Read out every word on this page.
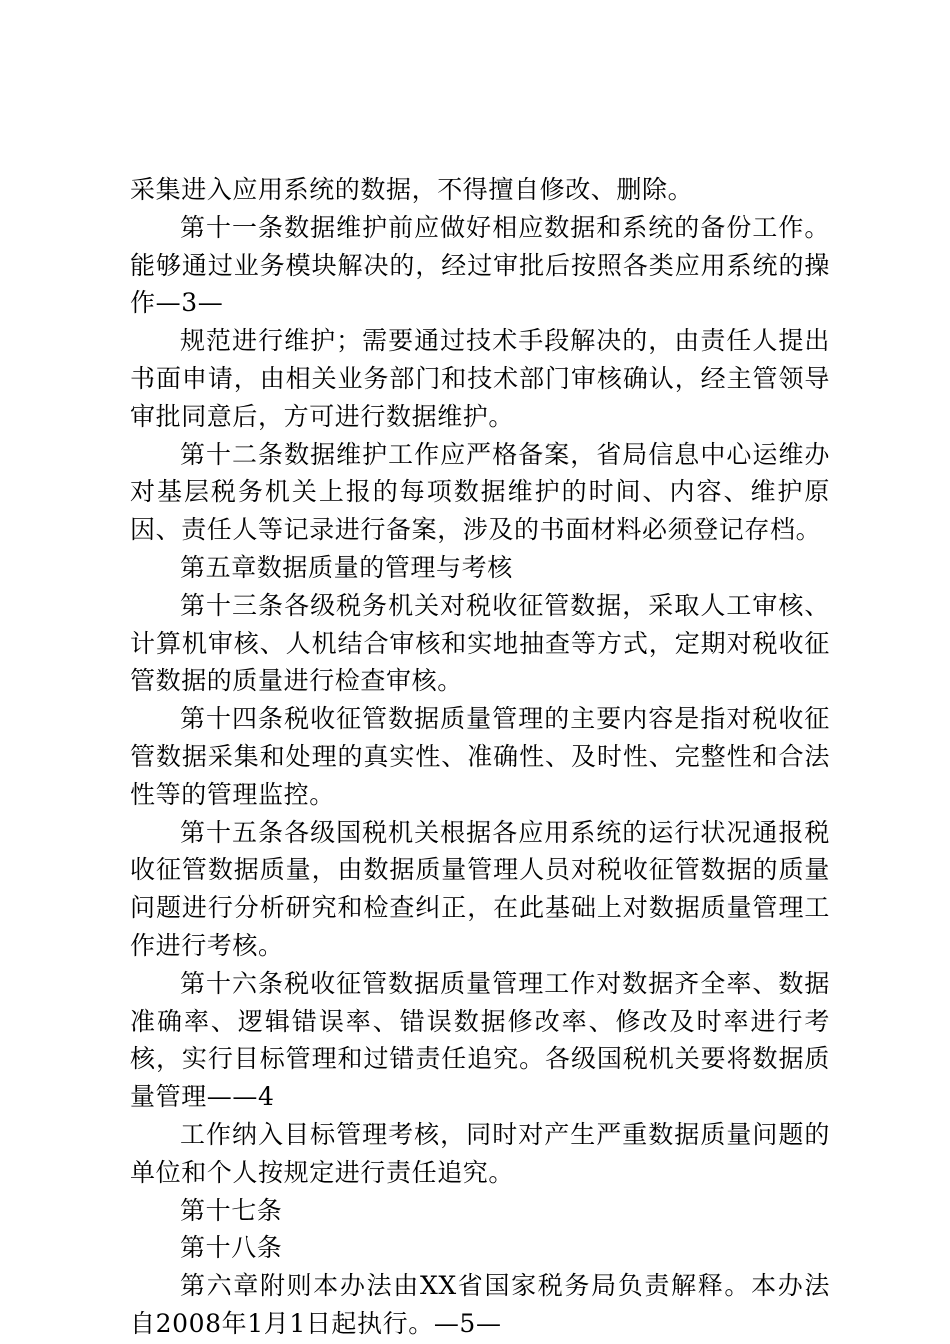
采集进入应用系统的数据，不得擅自修改、删除。

第十一条数据维护前应做好相应数据和系统的备份工作。能够通过业务模块解决的，经过审批后按照各类应用系统的操作—3—

规范进行维护；需要通过技术手段解决的，由责任人提出书面申请，由相关业务部门和技术部门审核确认，经主管领导审批同意后，方可进行数据维护。

第十二条数据维护工作应严格备案，省局信息中心运维办对基层税务机关上报的每项数据维护的时间、内容、维护原因、责任人等记录进行备案，涉及的书面材料必须登记存档。

第五章数据质量的管理与考核

第十三条各级税务机关对税收征管数据，采取人工审核、计算机审核、人机结合审核和实地抽查等方式，定期对税收征管数据的质量进行检查审核。

第十四条税收征管数据质量管理的主要内容是指对税收征管数据采集和处理的真实性、准确性、及时性、完整性和合法性等的管理监控。

第十五条各级国税机关根据各应用系统的运行状况通报税收征管数据质量，由数据质量管理人员对税收征管数据的质量问题进行分析研究和检查纠正，在此基础上对数据质量管理工作进行考核。

第十六条税收征管数据质量管理工作对数据齐全率、数据准确率、逻辑错误率、错误数据修改率、修改及时率进行考核，实行目标管理和过错责任追究。各级国税机关要将数据质量管理——4

工作纳入目标管理考核，同时对产生严重数据质量问题的单位和个人按规定进行责任追究。

第十七条

第十八条

第六章附则本办法由XX省国家税务局负责解释。本办法自2008年1月1日起执行。—5—
